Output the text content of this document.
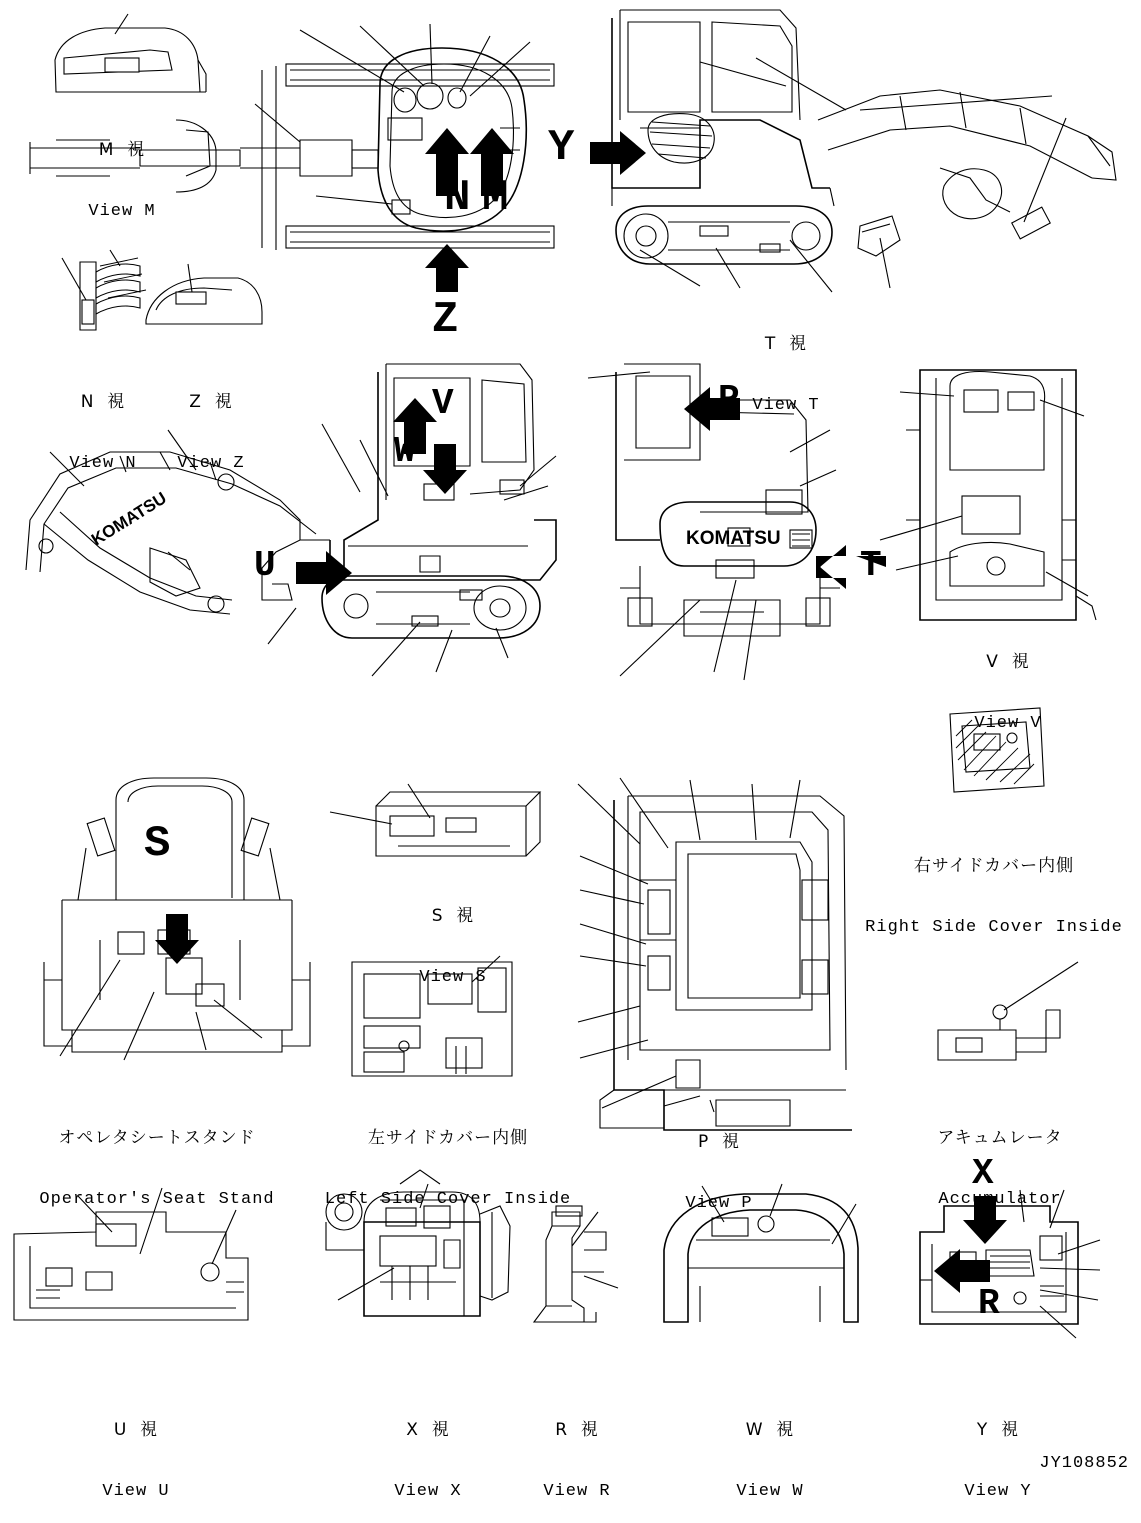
KOMATSU	KOMATSU

M  視

View M

N  視

View N

Z  視

View Z

T  視

View T

V  視

View V

S  視

View S

P  視

View P

U  視

View U

X  視

View X

R  視

View R

W  視

View W

Y  視

View Y

右サイドカバー内側

Right Side Cover Inside

オペレタシートスタンド

Operator's Seat Stand

左サイドカバー内側

Left Side Cover Inside

アキュムレータ

Accumulator

N M
Y
Z
V
W
P
T
U
S
X
R
JY108852
